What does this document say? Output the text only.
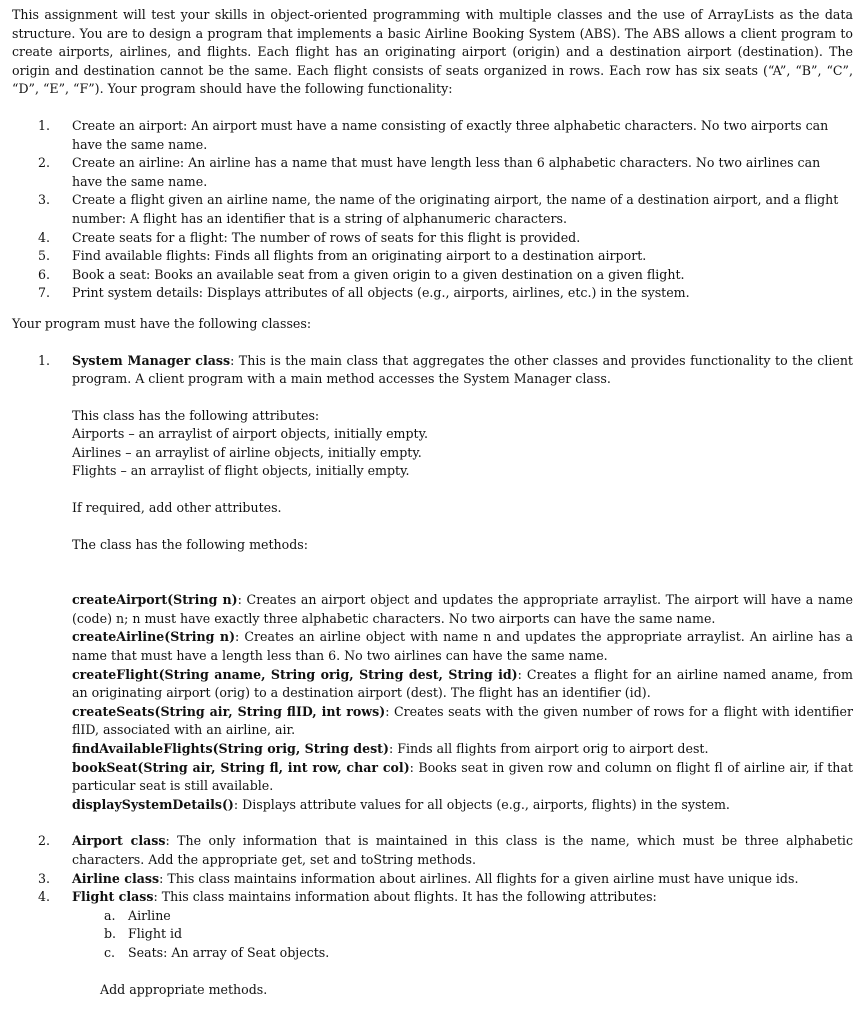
This assignment will test your skills in object-oriented programming with multiple classes and the use of ArrayLists as the data structure. You are to design a program that implements a basic Airline Booking System (ABS). The ABS allows a client program to create airports, airlines, and flights. Each flight has an originating airport (origin) and a destination airport (destination). The origin and destination cannot be the same. Each flight consists of seats organized in rows. Each row has six seats (“A”, “B”, “C”, “D”, “E”, “F”). Your program should have the following functionality:

1. Create an airport: An airport must have a name consisting of exactly three alphabetic characters. No two airports can have the same name.
2. Create an airline: An airline has a name that must have length less than 6 alphabetic characters. No two airlines can have the same name.
3. Create a flight given an airline name, the name of the originating airport, the name of a destination airport, and a flight number: A flight has an identifier that is a string of alphanumeric characters.
4. Create seats for a flight: The number of rows of seats for this flight is provided.
5. Find available flights: Finds all flights from an originating airport to a destination airport.
6. Book a seat: Books an available seat from a given origin to a given destination on a given flight.
7. Print system details: Displays attributes of all objects (e.g., airports, airlines, etc.) in the system.

Your program must have the following classes:

1. System Manager class: This is the main class that aggregates the other classes and provides functionality to the client program. A client program with a main method accesses the System Manager class.

This class has the following attributes:

Airports – an arraylist of airport objects, initially empty.

Airlines – an arraylist of airline objects, initially empty.

Flights – an arraylist of flight objects, initially empty.

If required, add other attributes.

The class has the following methods:

createAirport(String n): Creates an airport object and updates the appropriate arraylist. The airport will have a name (code) n; n must have exactly three alphabetic characters. No two airports can have the same name.

createAirline(String n): Creates an airline object with name n and updates the appropriate arraylist. An airline has a name that must have a length less than 6. No two airlines can have the same name.

createFlight(String aname, String orig, String dest, String id): Creates a flight for an airline named aname, from an originating airport (orig) to a destination airport (dest). The flight has an identifier (id).

createSeats(String air, String flID, int rows): Creates seats with the given number of rows for a flight with identifier flID, associated with an airline, air.

findAvailableFlights(String orig, String dest): Finds all flights from airport orig to airport dest.

bookSeat(String air, String fl, int row, char col): Books seat in given row and column on flight fl of airline air, if that particular seat is still available.

displaySystemDetails(): Displays attribute values for all objects (e.g., airports, flights) in the system.

2. Airport class: The only information that is maintained in this class is the name, which must be three alphabetic characters. Add the appropriate get, set and toString methods.
3. Airline class: This class maintains information about airlines. All flights for a given airline must have unique ids.
4. Flight class: This class maintains information about flights. It has the following attributes:
a. Airline
b. Flight id
c. Seats: An array of Seat objects.

Add appropriate methods.
